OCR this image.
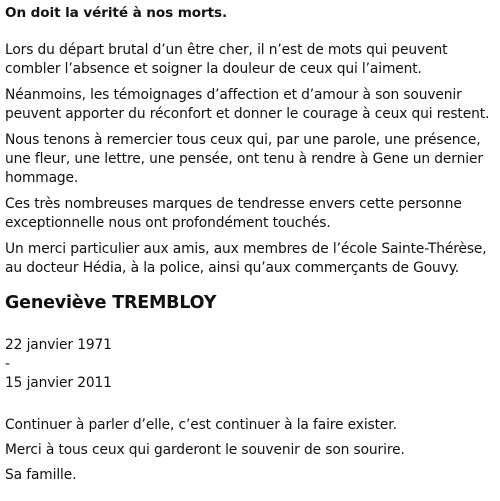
On doit la vérité à nos morts.

Lors du départ brutal d’un être cher, il n’est de mots qui peuvent combler l’absence et soigner la douleur de ceux qui l’aiment.

Néanmoins, les témoignages d’affection et d’amour à son souvenir peuvent apporter du réconfort et donner le courage à ceux qui restent.

Nous tenons à remercier tous ceux qui, par une parole, une présence, une fleur, une lettre, une pensée, ont tenu à rendre à Gene un dernier hommage.

Ces très nombreuses marques de tendresse envers cette personne exceptionnelle nous ont profondément touchés.

Un merci particulier aux amis, aux membres de l’école Sainte-Thérèse, au docteur Hédia, à la police, ainsi qu’aux commerçants de Gouvy.

Geneviève TREMBLOY
22 janvier 1971
-
15 janvier 2011

Continuer à parler d’elle, c’est continuer à la faire exister.

Merci à tous ceux qui garderont le souvenir de son sourire.

Sa famille.
